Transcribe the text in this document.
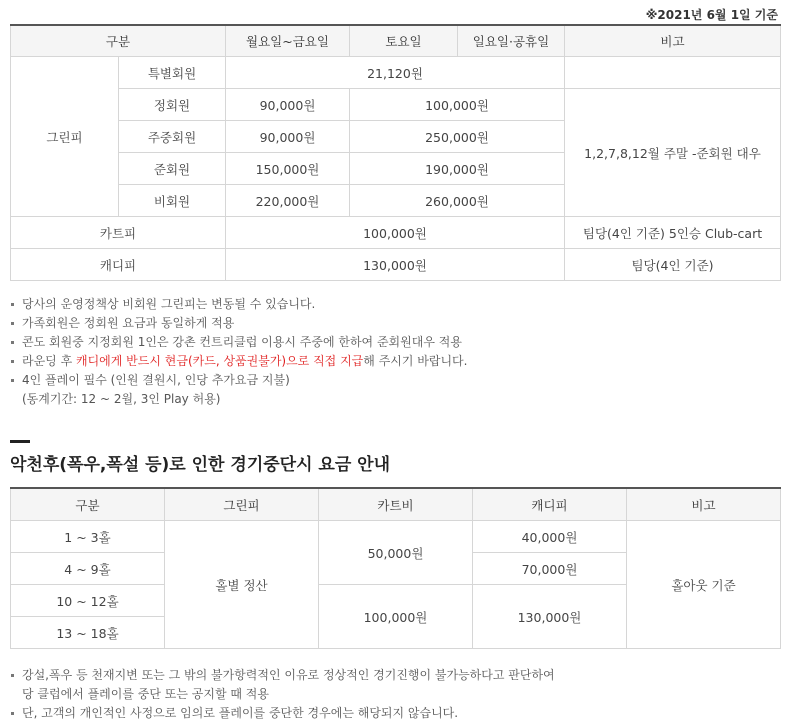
※2021년 6월 1일 기준
구분		월요일~금요일	토요일	일요일·공휴일	비고
그린피	특별회원	21,120원			
	정회원	90,000원	100,000원		1,2,7,8,12월 주말 -준회원 대우
	주중회원	90,000원	250,000원		
	준회원	150,000원	190,000원		
	비회원	220,000원	260,000원		
카트피		100,000원			팀당(4인 기준) 5인승 Club-cart
캐디피		130,000원			팀당(4인 기준)
당사의 운영정책상 비회원 그린피는 변동될 수 있습니다.
가족회원은 정회원 요금과 동일하게 적용
콘도 회원중 지정회원 1인은 강촌 컨트리클럽 이용시 주중에 한하여 준회원대우 적용
라운딩 후 캐디에게 반드시 현금(카드, 상품권불가)으로 직접 지급해 주시기 바랍니다.
4인 플레이 필수 (인원 결원시, 인당 추가요금 지불)
(동계기간: 12 ~ 2월, 3인 Play 허용)
악천후(폭우,폭설 등)로 인한 경기중단시 요금 안내
구분	그린피	카트비	캐디피	비고
1 ~ 3홀	홀별 정산	50,000원	40,000원	홀아웃 기준
4 ~ 9홀			70,000원	
10 ~ 12홀		100,000원	130,000원	
13 ~ 18홀				
강설,폭우 등 천재지변 또는 그 밖의 불가항력적인 이유로 정상적인 경기진행이 불가능하다고 판단하여
당 클럽에서 플레이를 중단 또는 공지할 때 적용
단, 고객의 개인적인 사정으로 임의로 플레이를 중단한 경우에는 해당되지 않습니다.
